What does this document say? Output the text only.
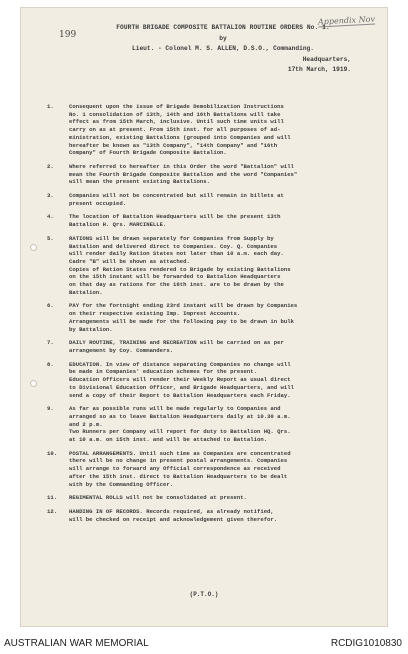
Appendix Nov
199
FOURTH BRIGADE COMPOSITE BATTALION ROUTINE ORDERS No. 1.
by
Lieut. - Colonel M. S. ALLEN, D.S.O., Commanding.
Headquarters,
17th March, 1919.
1.	Consequent upon the issue of Brigade Demobilization Instructions
No. 1 consolidation of 13th, 14th and 16th Battalions will take
effect as from 15th March, inclusive. Until such time units will
carry on as at present. From 15th inst. for all purposes of ad-
ministration, existing Battalions (grouped into Companies and will
hereafter be known as "13th Company", "14th Company" and "16th
Company" of Fourth Brigade Composite Battalion.
2.	Where referred to hereafter in this Order the word "Battalion" will
mean the Fourth Brigade Composite Battalion and the word "Companies"
will mean the present existing Battalions.
3.	Companies will not be concentrated but will remain in billets at
present occupied.
4.	The location of Battalion Headquarters will be the present 13th
Battalion H. Qrs. MARCINELLE.
5.	RATIONS will be drawn separately for Companies from Supply by
Battalion and delivered direct to Companies. Coy. Q. Companies
will render daily Ration States not later than 10 a.m. each day.
Cadre "B" will be shown as attached.
Copies of Ration States rendered to Brigade by existing Battalions
on the 15th instant will be forwarded to Battalion Headquarters
on that day as rations for the 16th inst. are to be drawn by the
Battalion.
6.	PAY for the fortnight ending 23rd instant will be drawn by Companies
on their respective existing Imp. Imprest Accounts.
Arrangements will be made for the following pay to be drawn in bulk
by Battalion.
7.	DAILY ROUTINE, TRAINING and RECREATION will be carried on as per
arrangement by Coy. Commanders.
8.	EDUCATION. In view of distance separating Companies no change will
be made in Companies' education schemes for the present.
Education Officers will render their Weekly Report as usual direct
to Divisional Education Officer, and Brigade Headquarters, and will
send a copy of their Report to Battalion Headquarters each Friday.
9.	As far as possible runs will be made regularly to Companies and
arranged so as to leave Battalion Headquarters daily at 10.30 a.m.
and 2 p.m.
Two Runners per Company will report for duty to Battalion HQ. Qrs.
at 10 a.m. on 15th inst. and will be attached to Battalion.
10.	POSTAL ARRANGEMENTS. Until such time as Companies are concentrated
there will be no change in present postal arrangements. Companies
will arrange to forward any Official correspondence as received
after the 15th inst. direct to Battalion Headquarters to be dealt
with by the Commanding Officer.
11.	REGIMENTAL ROLLS will not be consolidated at present.
12.	HANDING IN OF RECORDS. Records required, as already notified,
will be checked on receipt and acknowledgement given therefor.
(P.T.O.)
AUSTRALIAN WAR MEMORIAL	RCDIG1010830
